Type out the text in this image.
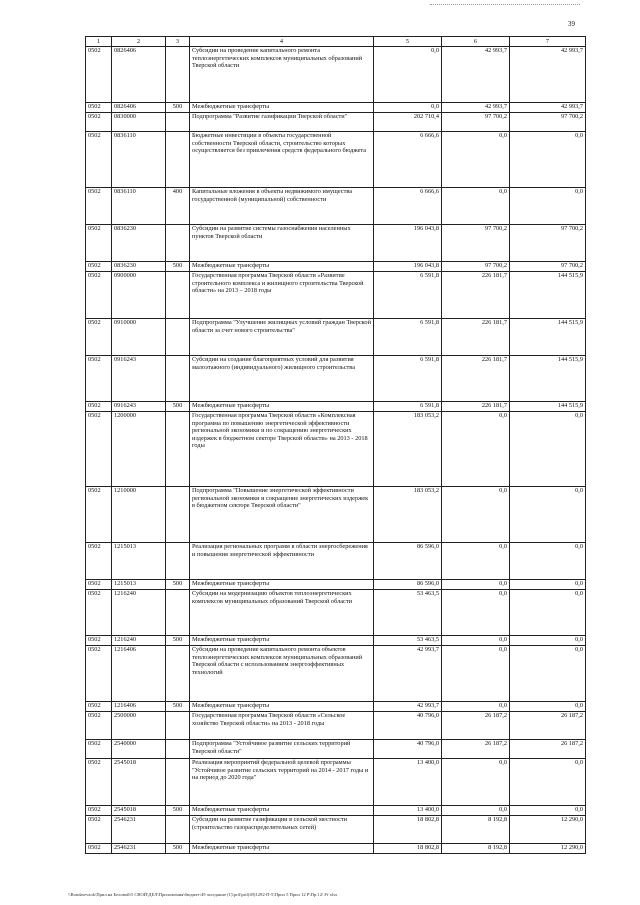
39
1	2	3	4	5	6	7
0502	0826406		Субсидии на проведение капитального ремонта теплоэнергетических комплексов муниципальных образований Тверской области	0,0	42 993,7	42 993,7
0502	0826406	500	Межбюджетные трансферты	0,0	42 993,7	42 993,7
0502	0830000		Подпрограмма "Развитие газификации Тверской области"	202 710,4	97 700,2	97 700,2
0502	0836110		Бюджетные инвестиции в объекты государственной собственности Тверской области, строительство которых осуществляется без привлечения средств федерального бюджета	6 666,6	0,0	0,0
0502	0836110	400	Капитальные вложения в объекты недвижимого имущества государственной (муниципальной) собственности	6 666,6	0,0	0,0
0502	0836230		Субсидии на развитие системы газоснабжения населенных пунктов Тверской области	196 043,8	97 700,2	97 700,2
0502	0836230	500	Межбюджетные трансферты	196 043,8	97 700,2	97 700,2
0502	0900000		Государственная программа Тверской области «Развитие строительного комплекса и жилищного строительства Тверской области» на 2013 – 2018 годы	6 591,8	226 181,7	144 515,9
0502	0910000		Подпрограмма "Улучшение жилищных условий граждан Тверской области за счет нового строительства"	6 591,8	226 181,7	144 515,9
0502	0916243		Субсидии на создание благоприятных условий для развития малоэтажного (индивидуального) жилищного строительства	6 591,8	226 181,7	144 515,9
0502	0916243	500	Межбюджетные трансферты	6 591,8	226 181,7	144 515,9
0502	1200000		Государственная программа Тверской области «Комплексная программа по повышению энергетической эффективности региональной экономики и по сокращению энергетических издержек в бюджетном секторе Тверской области» на 2013 - 2018 годы	183 053,2	0,0	0,0
0502	1210000		Подпрограмма "Повышение энергетической эффективности региональной экономики и сокращение энергетических издержек в бюджетном секторе Тверской области"	183 053,2	0,0	0,0
0502	1215013		Реализация региональных программ в области энергосбережения и повышения энергетической эффективности	86 596,0	0,0	0,0
0502	1215013	500	Межбюджетные трансферты	86 596,0	0,0	0,0
0502	1216240		Субсидии на модернизацию объектов теплоэнергетических комплексов муниципальных образований Тверской области	53 463,5	0,0	0,0
0502	1216240	500	Межбюджетные трансферты	53 463,5	0,0	0,0
0502	1216406		Субсидии на проведение капитального ремонта объектов теплоэнергетических комплексов муниципальных образований Тверской области с использованием энергоэффективных технологий	42 993,7	0,0	0,0
0502	1216406	500	Межбюджетные трансферты	42 993,7	0,0	0,0
0502	2500000		Государственная программа Тверской области «Сельское хозяйство Тверской области» на 2013 - 2018 годы	40 796,0	26 187,2	26 187,2
0502	2540000		Подпрограмма "Устойчивое развитие сельских территорий Тверской области"	40 796,0	26 187,2	26 187,2
0502	2545018		Реализация мероприятий федеральной целевой программы "Устойчивое развитие сельских территорий на 2014 - 2017 годы и на период до 2020 года"	13 400,0	0,0	0,0
0502	2545018	500	Межбюджетные трансферты	13 400,0	0,0	0,0
0502	2546231		Субсидии на развитие газификации в сельской местности (строительство газораспределительных сетей)	18 802,8	8 192,8	12 290,0
0502	2546231	500	Межбюджетные трансферты	18 802,8	8 192,8	12 290,0
\\Bondarevaok\Прил.на Беловой\5 СВОЙ\ДЕЛ\Приложения\бюджет\49 заседание (1)\pril\pril(49)1292-П-5\Прил 5 Прил 12 Р\Пр.12\ Ff xlsx
